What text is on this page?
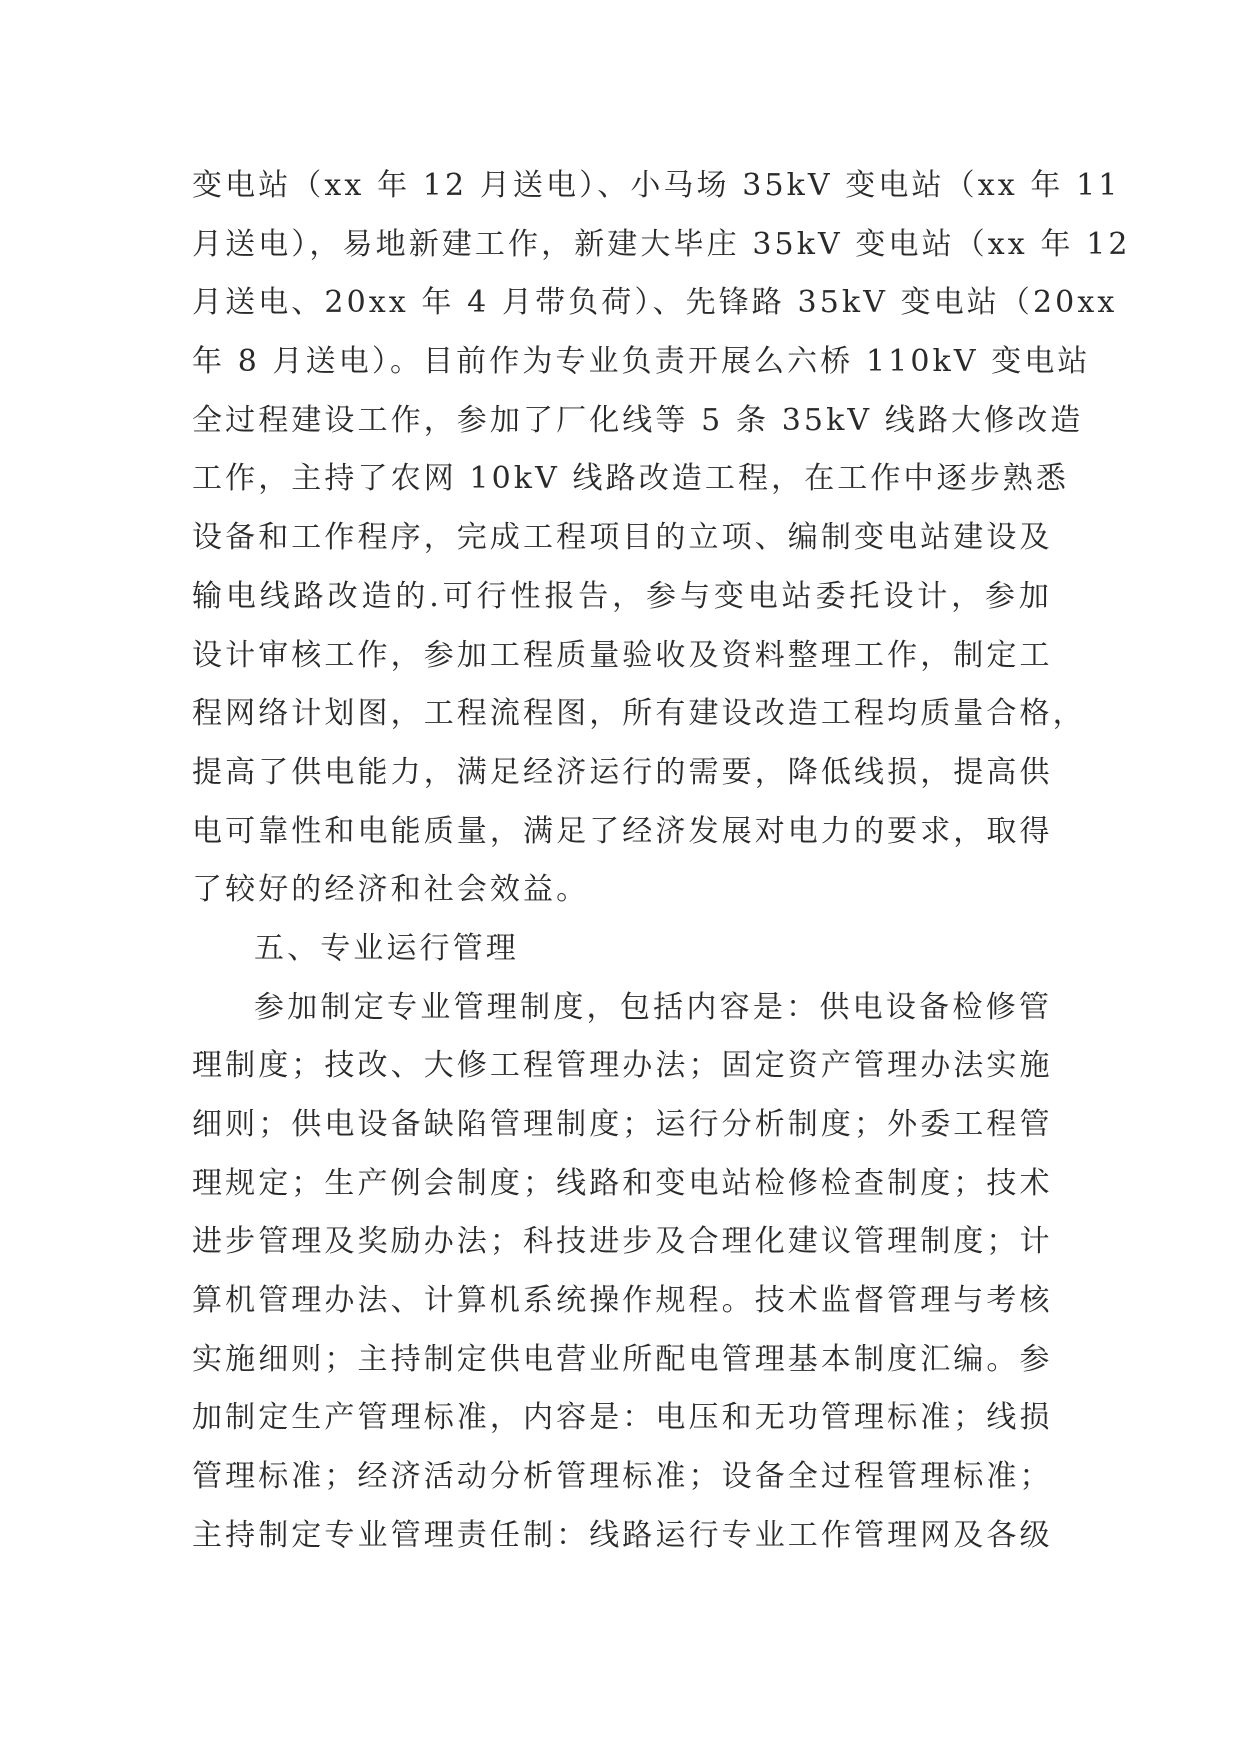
变电站（xx 年 12 月送电）、小马场 35kV 变电站（xx 年 11
月送电），易地新建工作，新建大毕庄 35kV 变电站（xx 年 12
月送电、20xx 年 4 月带负荷）、先锋路 35kV 变电站（20xx
年 8 月送电）。目前作为专业负责开展么六桥 110kV 变电站
全过程建设工作，参加了厂化线等 5 条 35kV 线路大修改造
工作，主持了农网 10kV 线路改造工程，在工作中逐步熟悉
设备和工作程序，完成工程项目的立项、编制变电站建设及
输电线路改造的.可行性报告，参与变电站委托设计，参加
设计审核工作，参加工程质量验收及资料整理工作，制定工
程网络计划图，工程流程图，所有建设改造工程均质量合格，
提高了供电能力，满足经济运行的需要，降低线损，提高供
电可靠性和电能质量，满足了经济发展对电力的要求，取得
了较好的经济和社会效益。
五、专业运行管理
参加制定专业管理制度，包括内容是：供电设备检修管
理制度；技改、大修工程管理办法；固定资产管理办法实施
细则；供电设备缺陷管理制度；运行分析制度；外委工程管
理规定；生产例会制度；线路和变电站检修检查制度；技术
进步管理及奖励办法；科技进步及合理化建议管理制度；计
算机管理办法、计算机系统操作规程。技术监督管理与考核
实施细则；主持制定供电营业所配电管理基本制度汇编。参
加制定生产管理标准，内容是：电压和无功管理标准；线损
管理标准；经济活动分析管理标准；设备全过程管理标准；
主持制定专业管理责任制：线路运行专业工作管理网及各级
